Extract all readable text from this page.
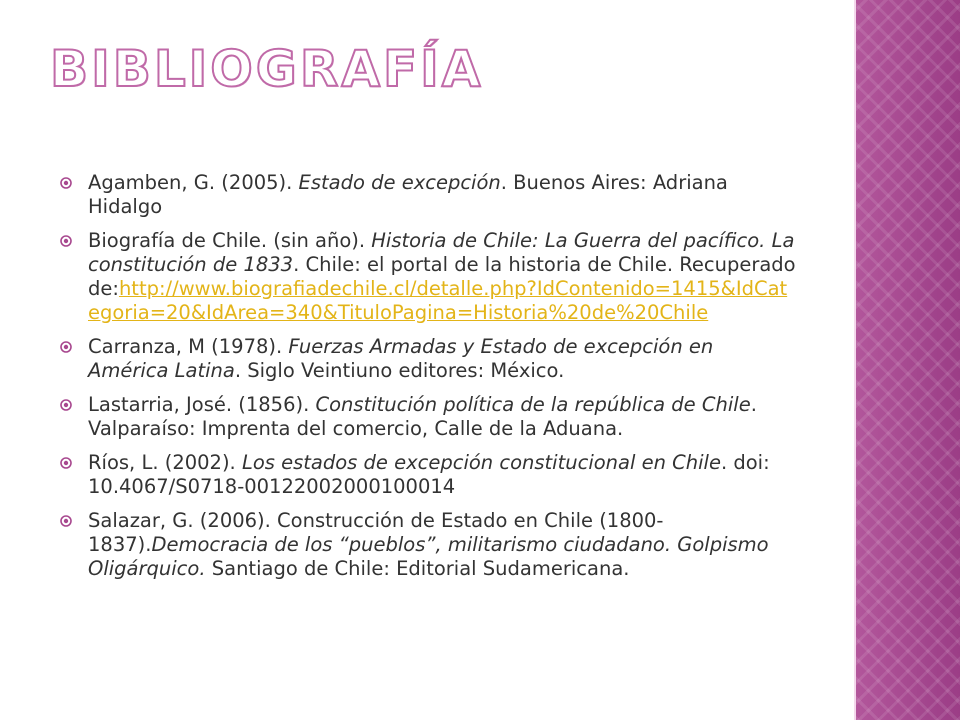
BIBLIOGRAFÍA
Agamben, G. (2005). Estado de excepción. Buenos Aires: Adriana Hidalgo
Biografía de Chile. (sin año). Historia de Chile: La Guerra del pacífico. La constitución de 1833. Chile: el portal de la historia de Chile. Recuperado de:http://www.biografiadechile.cl/detalle.php?IdContenido=1415&IdCategoria=20&IdArea=340&TituloPagina=Historia%20de%20Chile
Carranza, M (1978). Fuerzas Armadas y Estado de excepción en América Latina. Siglo Veintiuno editores: México.
Lastarria, José. (1856). Constitución política de la república de Chile. Valparaíso: Imprenta del comercio, Calle de la Aduana.
Ríos, L. (2002). Los estados de excepción constitucional en Chile. doi: 10.4067/S0718-00122002000100014
Salazar, G. (2006). Construcción de Estado en Chile (1800-1837).Democracia de los “pueblos”, militarismo ciudadano. Golpismo Oligárquico. Santiago de Chile: Editorial Sudamericana.
